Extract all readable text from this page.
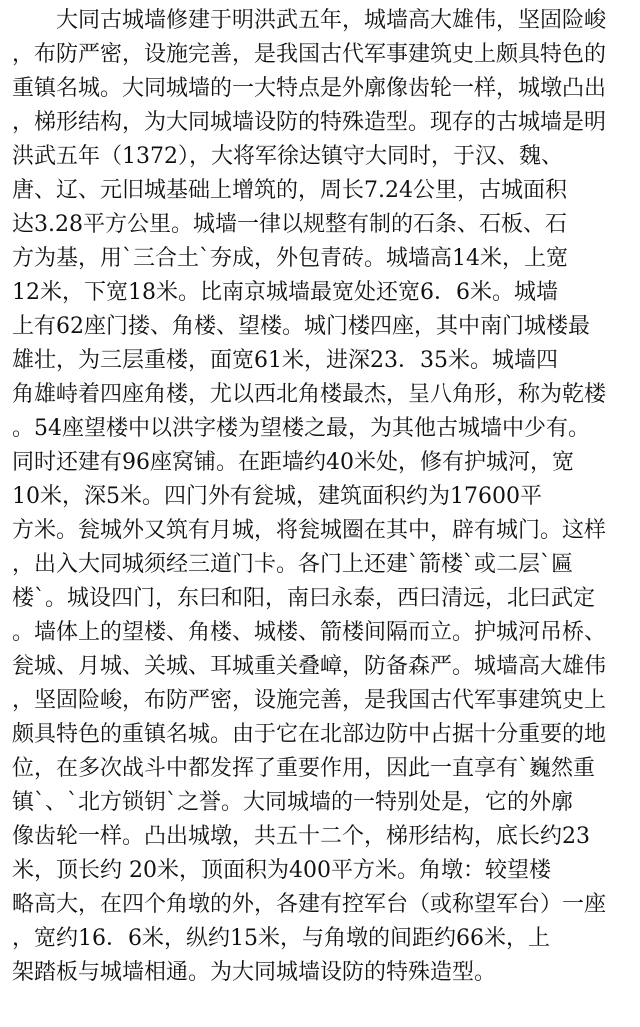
大同古城墙修建于明洪武五年，城墙高大雄伟，坚固险峻
，布防严密，设施完善，是我国古代军事建筑史上颇具特色的
重镇名城。大同城墙的一大特点是外廓像齿轮一样，城墩凸出
，梯形结构，为大同城墙设防的特殊造型。现存的古城墙是明
洪武五年（1372），大将军徐达镇守大同时，于汉、魏、
唐、辽、元旧城基础上增筑的，周长7.24公里，古城面积
达3.28平方公里。城墙一律以规整有制的石条、石板、石
方为基，用`三合土`夯成，外包青砖。城墙高14米，上宽
12米，下宽18米。比南京城墙最宽处还宽6．6米。城墙
上有62座门搂、角楼、望楼。城门楼四座，其中南门城楼最
雄壮，为三层重楼，面宽61米，进深23．35米。城墙四
角雄峙着四座角楼，尤以西北角楼最杰，呈八角形，称为乾楼
。54座望楼中以洪字楼为望楼之最，为其他古城墙中少有。
同时还建有96座窝铺。在距墙约40米处，修有护城河，宽
10米，深5米。四门外有瓮城，建筑面积约为17600平
方米。瓮城外又筑有月城，将瓮城圈在其中，辟有城门。这样
，出入大同城须经三道门卡。各门上还建`箭楼`或二层`匾
楼`。城设四门，东曰和阳，南曰永泰，西曰清远，北曰武定
。墙体上的望楼、角楼、城楼、箭楼间隔而立。护城河吊桥、
瓮城、月城、关城、耳城重关叠嶂，防备森严。城墙高大雄伟
，坚固险峻，布防严密，设施完善，是我国古代军事建筑史上
颇具特色的重镇名城。由于它在北部边防中占据十分重要的地
位，在多次战斗中都发挥了重要作用，因此一直享有`巍然重
镇`、`北方锁钥`之誉。大同城墙的一特别处是，它的外廓
像齿轮一样。凸出城墩，共五十二个，梯形结构，底长约23
米，顶长约 20米，顶面积为400平方米。角墩：较望楼
略高大，在四个角墩的外，各建有控军台（或称望军台）一座
，宽约16．6米，纵约15米，与角墩的间距约66米，上
架踏板与城墙相通。为大同城墙设防的特殊造型。
